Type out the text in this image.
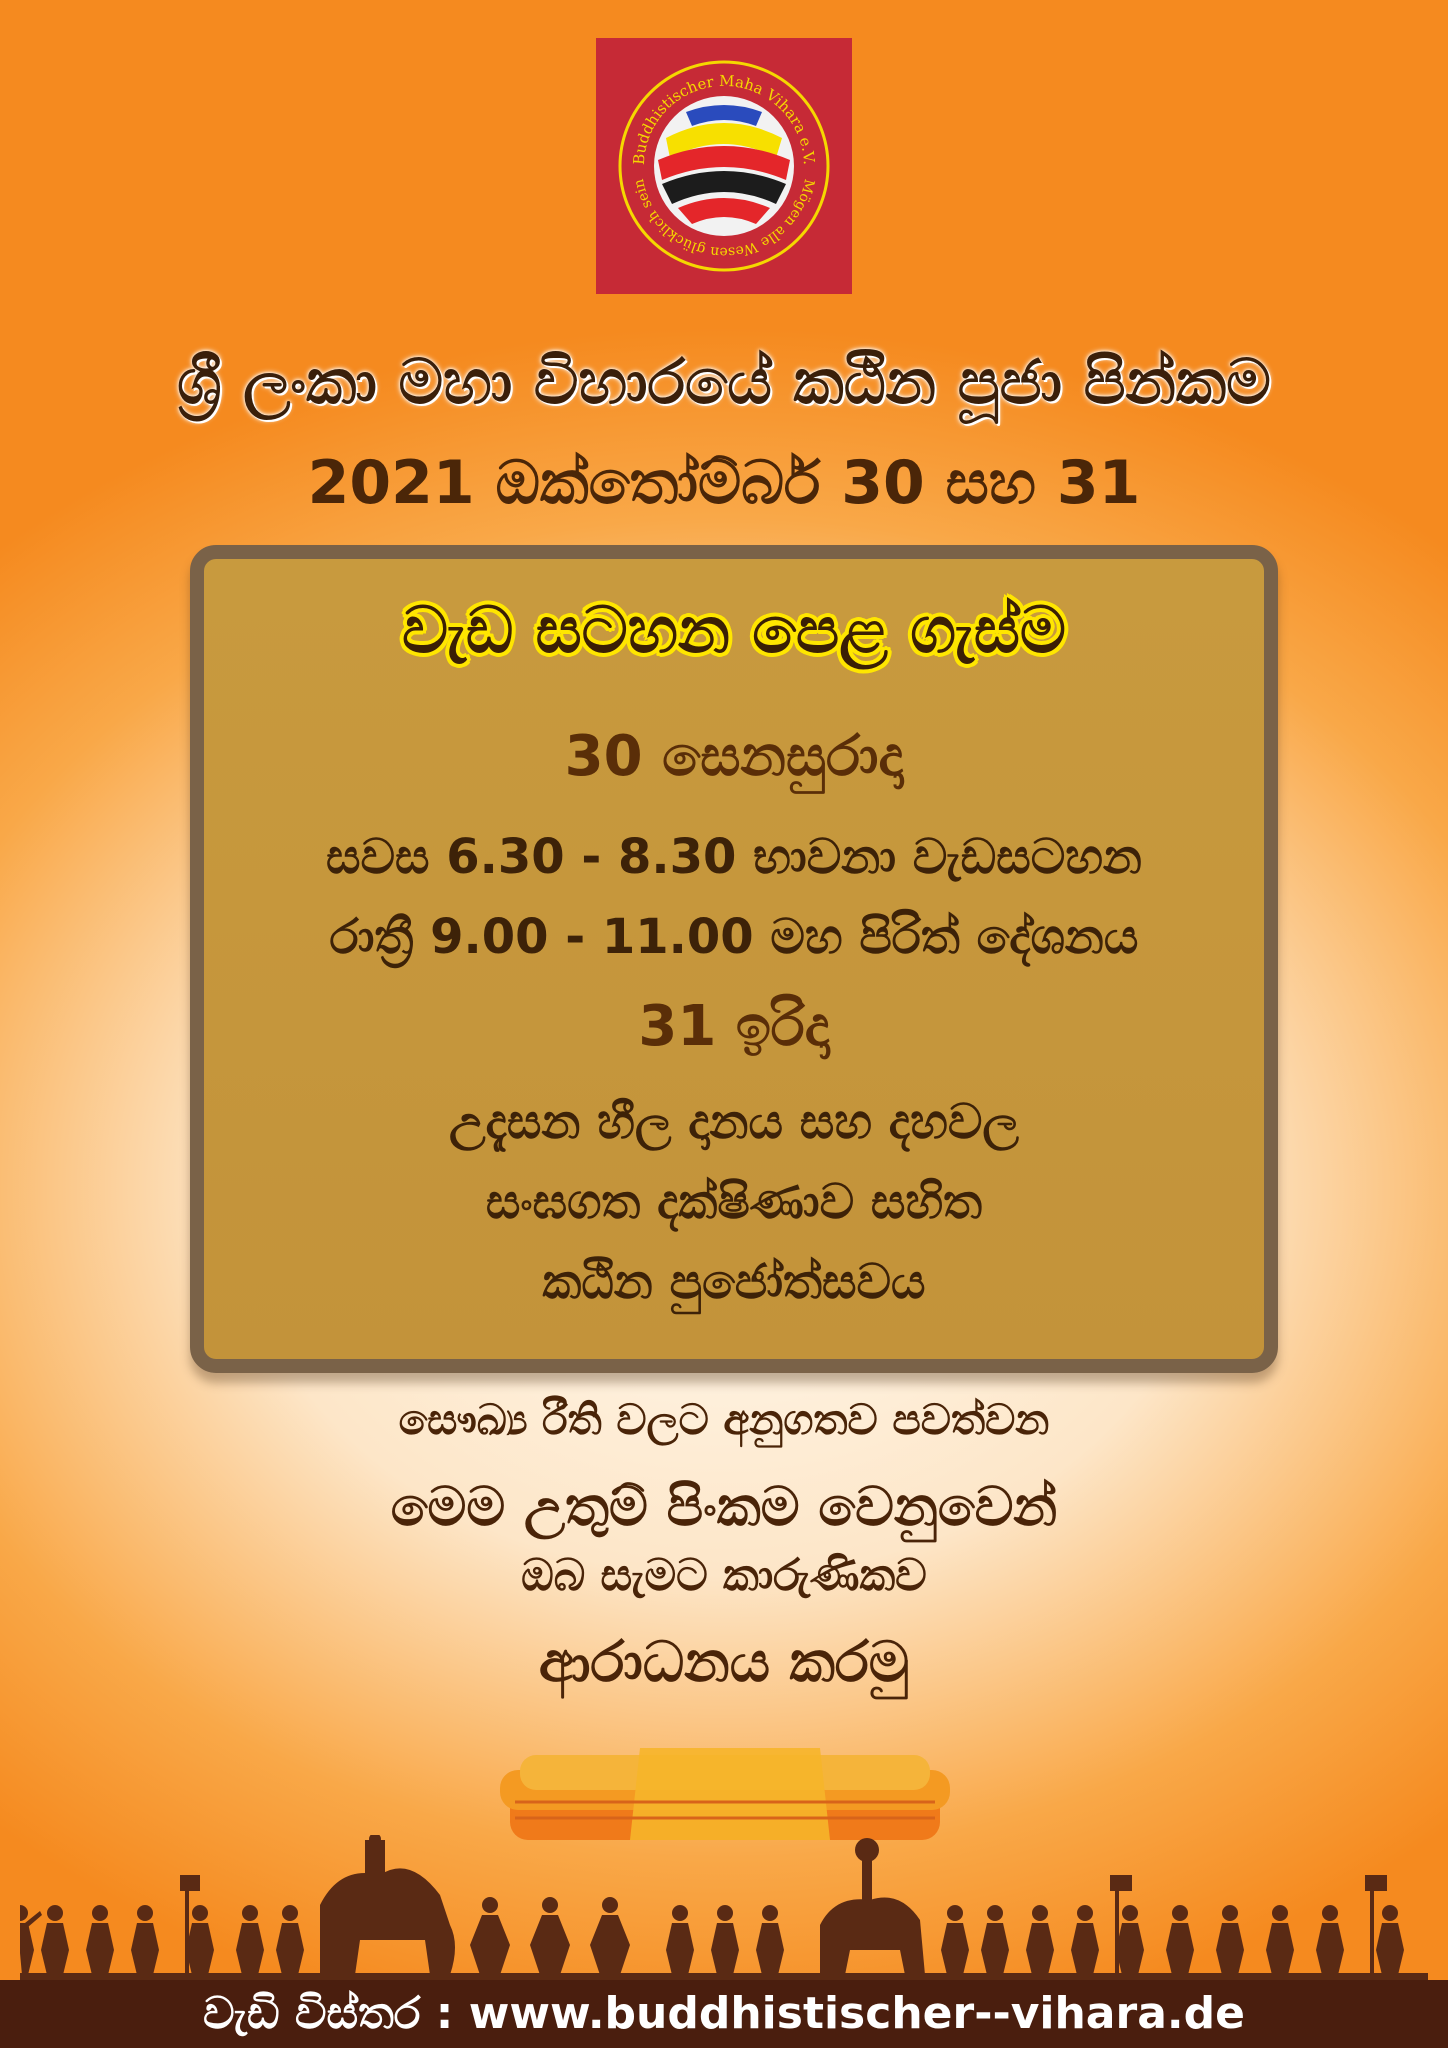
Buddhistischer Maha Vihara e.V.
Mögen alle Wesen glücklich sein
ශ්‍රී ලංකා මහා විහාරයේ කඨින පූජා පින්කම
2021 ඔක්තෝම්බර් 30 සහ 31
වැඩ සටහන පෙළ ගැස්ම
30 සෙනසුරාදා
සවස 6.30 - 8.30 භාවනා වැඩසටහන
රාත්‍රී 9.00 - 11.00 මහ පිරිත් දේශනය
31 ඉරිදා
උදැසන හීල දානය සහ දහවල
සංඝගත දක්ෂිණාව සහිත
කඨින පුජෝත්සවය
සෞඛ්‍ය රීති වලට අනුගතව පවත්වන
මෙම උතුම් පිංකම වෙනුවෙන්
ඔබ සැමට කාරුණිකව
ආරාධනය කරමු
වැඩි විස්තර : www.buddhistischer--vihara.de
